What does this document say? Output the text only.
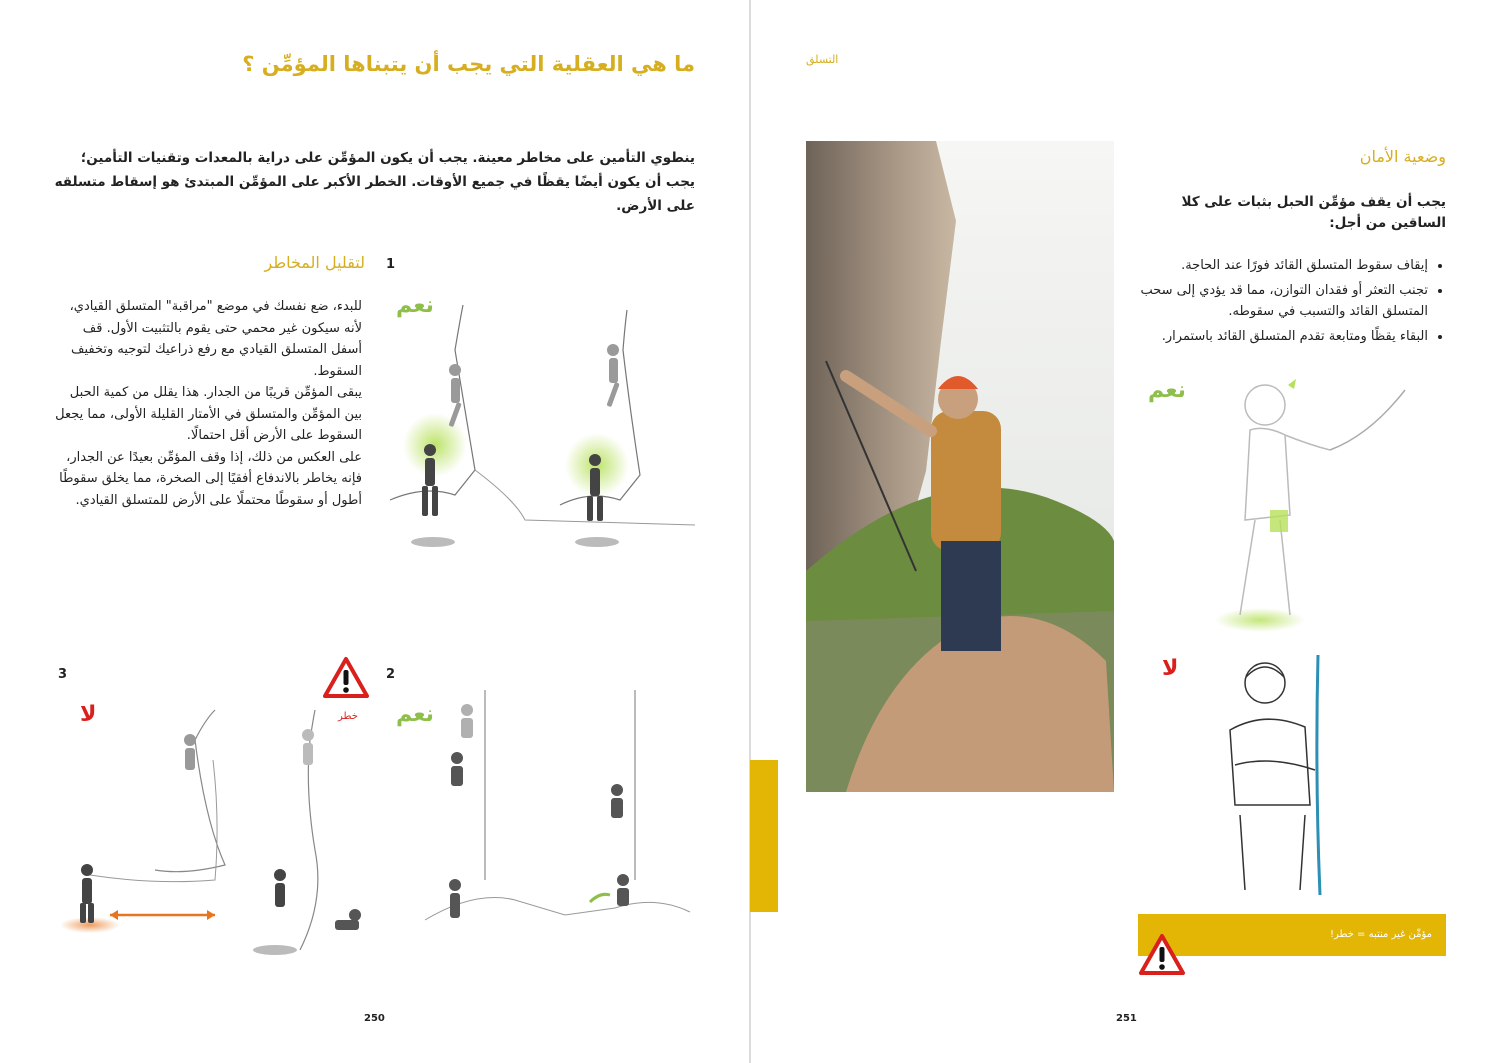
ما هي العقلية التي يجب أن يتبناها المؤمِّن ؟
ينطوي التأمين على مخاطر معينة. يجب أن يكون المؤمِّن على دراية بالمعدات وتقنيات التأمين؛ يجب أن يكون أيضًا يقظًا في جميع الأوقات. الخطر الأكبر على المؤمِّن المبتدئ هو إسقاط متسلقه على الأرض.
1
لتقليل المخاطر
للبدء، ضع نفسك في موضع "مراقبة" المتسلق القيادي، لأنه سيكون غير محمي حتى يقوم بالتثبيت الأول. قف أسفل المتسلق القيادي مع رفع ذراعيك لتوجيه وتخفيف السقوط.
يبقى المؤمِّن قريبًا من الجدار. هذا يقلل من كمية الحبل بين المؤمِّن والمتسلق في الأمتار القليلة الأولى، مما يجعل السقوط على الأرض أقل احتمالًا.
على العكس من ذلك، إذا وقف المؤمِّن بعيدًا عن الجدار، فإنه يخاطر بالاندفاع أفقيًا إلى الصخرة، مما يخلق سقوطًا أطول أو سقوطًا محتملًا على الأرض للمتسلق القيادي.
نعم
2
نعم
3
لا	خطر
250
التسلق
وضعية الأمان
يجب أن يقف مؤمِّن الحبل بثبات على كلا الساقين من أجل:
• إيقاف سقوط المتسلق القائد فورًا عند الحاجة.
• تجنب التعثر أو فقدان التوازن، مما قد يؤدي إلى سحب المتسلق القائد والتسبب في سقوطه.
• البقاء يقظًا ومتابعة تقدم المتسلق القائد باستمرار.
نعم
لا
مؤمِّن غير منتبه = خطر!
251
